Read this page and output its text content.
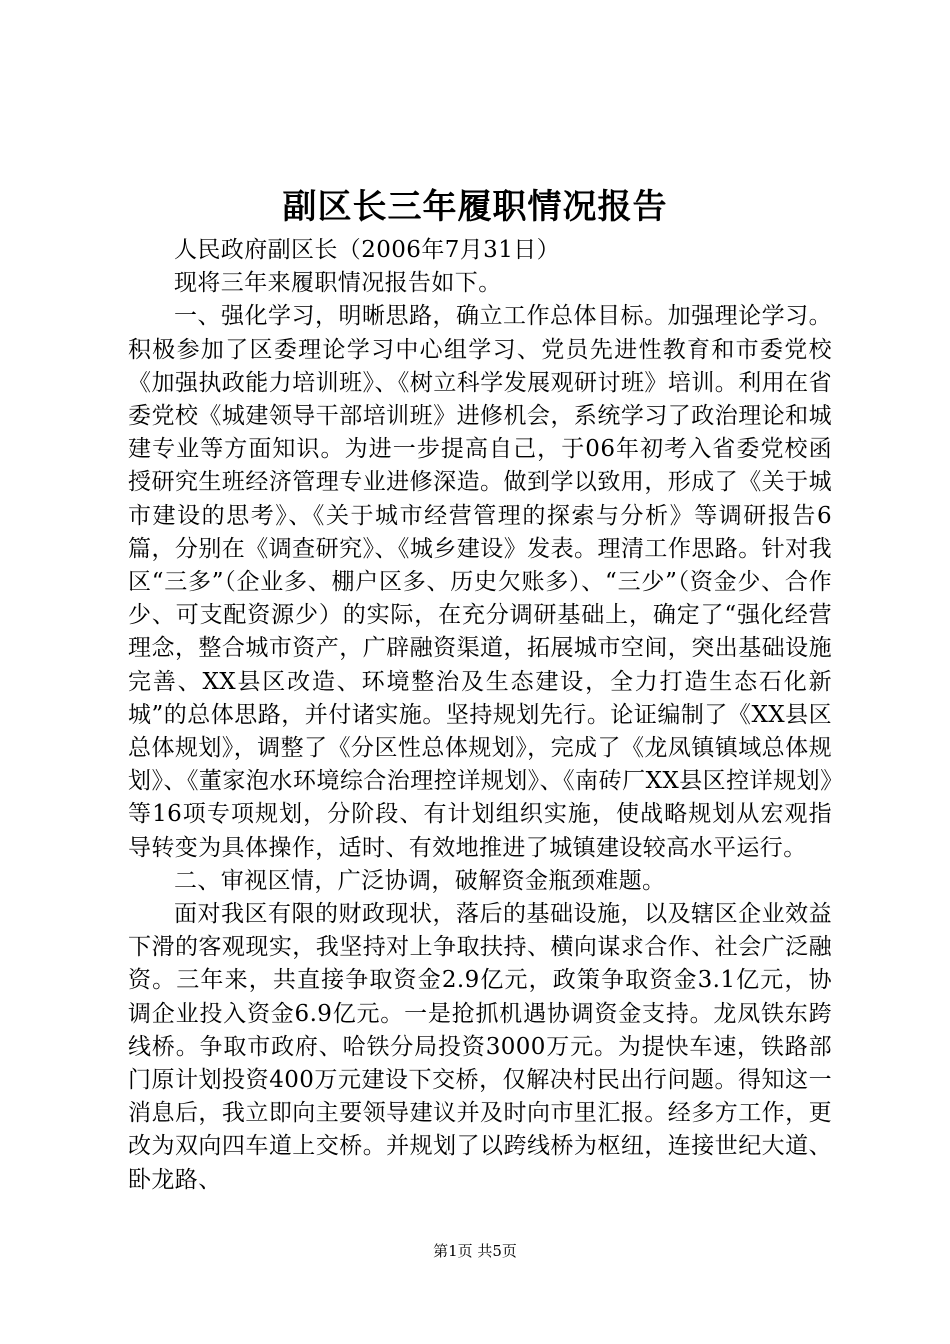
副区长三年履职情况报告

人民政府副区长（2006年7月31日）

现将三年来履职情况报告如下。

一、强化学习，明晰思路，确立工作总体目标。加强理论学习。积极参加了区委理论学习中心组学习、党员先进性教育和市委党校《加强执政能力培训班》、《树立科学发展观研讨班》培训。利用在省委党校《城建领导干部培训班》进修机会，系统学习了政治理论和城建专业等方面知识。为进一步提高自己，于06年初考入省委党校函授研究生班经济管理专业进修深造。做到学以致用，形成了《关于城市建设的思考》、《关于城市经营管理的探索与分析》等调研报告6篇，分别在《调查研究》、《城乡建设》发表。理清工作思路。针对我区“三多”（企业多、棚户区多、历史欠账多）、“三少”（资金少、合作少、可支配资源少）的实际，在充分调研基础上，确定了“强化经营理念，整合城市资产，广辟融资渠道，拓展城市空间，突出基础设施完善、XX县区改造、环境整治及生态建设，全力打造生态石化新城”的总体思路，并付诸实施。坚持规划先行。论证编制了《XX县区总体规划》，调整了《分区性总体规划》，完成了《龙凤镇镇域总体规划》、《董家泡水环境综合治理控详规划》、《南砖厂XX县区控详规划》等16项专项规划，分阶段、有计划组织实施，使战略规划从宏观指导转变为具体操作，适时、有效地推进了城镇建设较高水平运行。

二、审视区情，广泛协调，破解资金瓶颈难题。

面对我区有限的财政现状，落后的基础设施，以及辖区企业效益下滑的客观现实，我坚持对上争取扶持、横向谋求合作、社会广泛融资。三年来，共直接争取资金2.9亿元，政策争取资金3.1亿元，协调企业投入资金6.9亿元。一是抢抓机遇协调资金支持。龙凤铁东跨线桥。争取市政府、哈铁分局投资3000万元。为提快车速，铁路部门原计划投资400万元建设下交桥，仅解决村民出行问题。得知这一消息后，我立即向主要领导建议并及时向市里汇报。经多方工作，更改为双向四车道上交桥。并规划了以跨线桥为枢纽，连接世纪大道、卧龙路、

第1页 共5页
